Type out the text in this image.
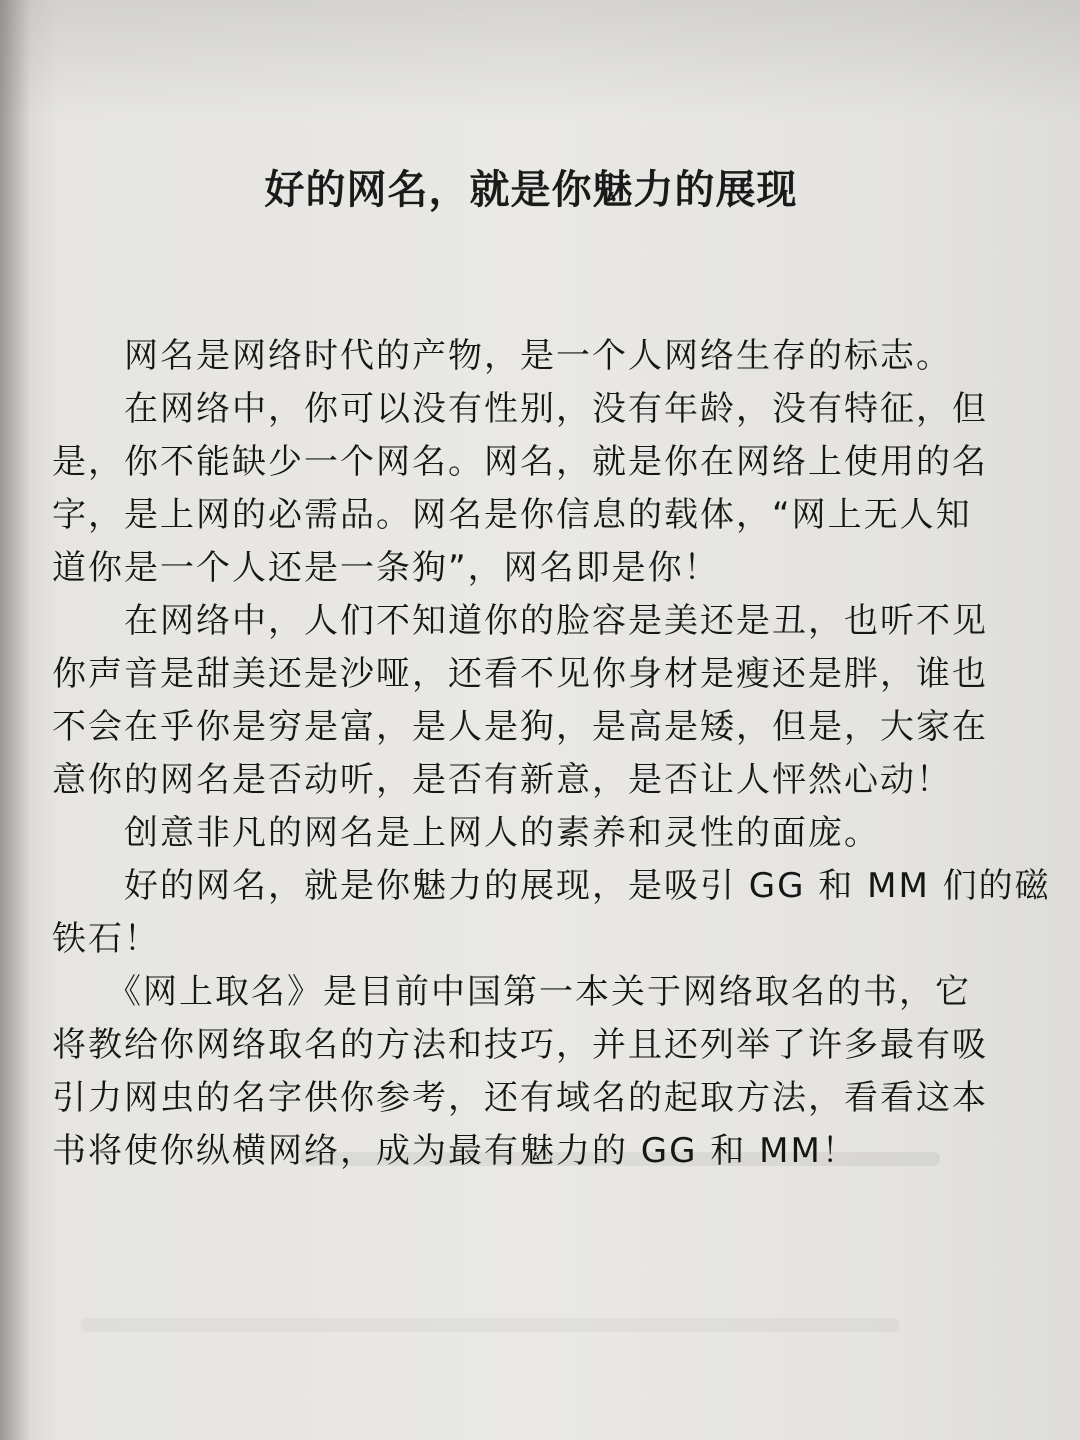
好的网名，就是你魅力的展现
　　网名是网络时代的产物，是一个人网络生存的标志。
　　在网络中，你可以没有性别，没有年龄，没有特征，但
是，你不能缺少一个网名。网名，就是你在网络上使用的名
字，是上网的必需品。网名是你信息的载体，“网上无人知
道你是一个人还是一条狗”，网名即是你！
　　在网络中，人们不知道你的脸容是美还是丑，也听不见
你声音是甜美还是沙哑，还看不见你身材是瘦还是胖，谁也
不会在乎你是穷是富，是人是狗，是高是矮，但是，大家在
意你的网名是否动听，是否有新意，是否让人怦然心动！
　　创意非凡的网名是上网人的素养和灵性的面庞。
　　好的网名，就是你魅力的展现，是吸引 GG 和 MM 们的磁
铁石！
　　《网上取名》是目前中国第一本关于网络取名的书，它
将教给你网络取名的方法和技巧，并且还列举了许多最有吸
引力网虫的名字供你参考，还有域名的起取方法，看看这本
书将使你纵横网络，成为最有魅力的 GG 和 MM！
